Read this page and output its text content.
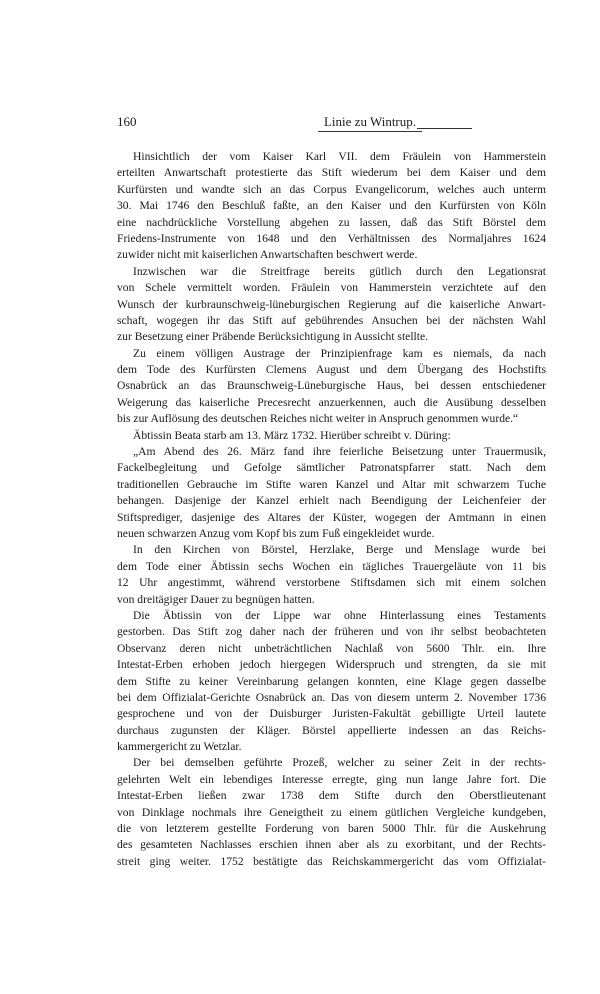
160	Linie zu Wintrup.
Hinsichtlich der vom Kaiser Karl VII. dem Fräulein von Hammerstein
erteilten Anwartschaft protestierte das Stift wiederum bei dem Kaiser und dem
Kurfürsten und wandte sich an das Corpus Evangelicorum, welches auch unterm
30. Mai 1746 den Beschluß faßte, an den Kaiser und den Kurfürsten von Köln
eine nachdrückliche Vorstellung abgehen zu lassen, daß das Stift Börstel dem
Friedens-Instrumente von 1648 und den Verhältnissen des Normaljahres 1624
zuwider nicht mit kaiserlichen Anwartschaften beschwert werde.
Inzwischen war die Streitfrage bereits gütlich durch den Legationsrat
von Schele vermittelt worden. Fräulein von Hammerstein verzichtete auf den
Wunsch der kurbraunschweig-lüneburgischen Regierung auf die kaiserliche Anwart-
schaft, wogegen ihr das Stift auf gebührendes Ansuchen bei der nächsten Wahl
zur Besetzung einer Präbende Berücksichtigung in Aussicht stellte.
Zu einem völligen Austrage der Prinzipienfrage kam es niemals, da nach
dem Tode des Kurfürsten Clemens August und dem Übergang des Hochstifts
Osnabrück an das Braunschweig-Lüneburgische Haus, bei dessen entschiedener
Weigerung das kaiserliche Precesrecht anzuerkennen, auch die Ausübung desselben
bis zur Auflösung des deutschen Reiches nicht weiter in Anspruch genommen wurde.“
Äbtissin Beata starb am 13. März 1732. Hierüber schreibt v. Düring:
„Am Abend des 26. März fand ihre feierliche Beisetzung unter Trauermusik,
Fackelbegleitung und Gefolge sämtlicher Patronatspfarrer statt. Nach dem
traditionellen Gebrauche im Stifte waren Kanzel und Altar mit schwarzem Tuche
behangen. Dasjenige der Kanzel erhielt nach Beendigung der Leichenfeier der
Stiftsprediger, dasjenige des Altares der Küster, wogegen der Amtmann in einen
neuen schwarzen Anzug vom Kopf bis zum Fuß eingekleidet wurde.
In den Kirchen von Börstel, Herzlake, Berge und Menslage wurde bei
dem Tode einer Äbtissin sechs Wochen ein tägliches Trauergeläute von 11 bis
12 Uhr angestimmt, während verstorbene Stiftsdamen sich mit einem solchen
von dreitägiger Dauer zu begnügen hatten.
Die Äbtissin von der Lippe war ohne Hinterlassung eines Testaments
gestorben. Das Stift zog daher nach der früheren und von ihr selbst beobachteten
Observanz deren nicht unbeträchtlichen Nachlaß von 5600 Thlr. ein. Ihre
Intestat-Erben erhoben jedoch hiergegen Widerspruch und strengten, da sie mit
dem Stifte zu keiner Vereinbarung gelangen konnten, eine Klage gegen dasselbe
bei dem Offizialat-Gerichte Osnabrück an. Das von diesem unterm 2. November 1736
gesprochene und von der Duisburger Juristen-Fakultät gebilligte Urteil lautete
durchaus zugunsten der Kläger. Börstel appellierte indessen an das Reichs-
kammergericht zu Wetzlar.
Der bei demselben geführte Prozeß, welcher zu seiner Zeit in der rechts-
gelehrten Welt ein lebendiges Interesse erregte, ging nun lange Jahre fort. Die
Intestat-Erben ließen zwar 1738 dem Stifte durch den Oberstlieutenant
von Dinklage nochmals ihre Geneigtheit zu einem gütlichen Vergleiche kundgeben,
die von letzterem gestellte Forderung von baren 5000 Thlr. für die Auskehrung
des gesamteten Nachlasses erschien ihnen aber als zu exorbitant, und der Rechts-
streit ging weiter. 1752 bestätigte das Reichskammergericht das vom Offizialat-
